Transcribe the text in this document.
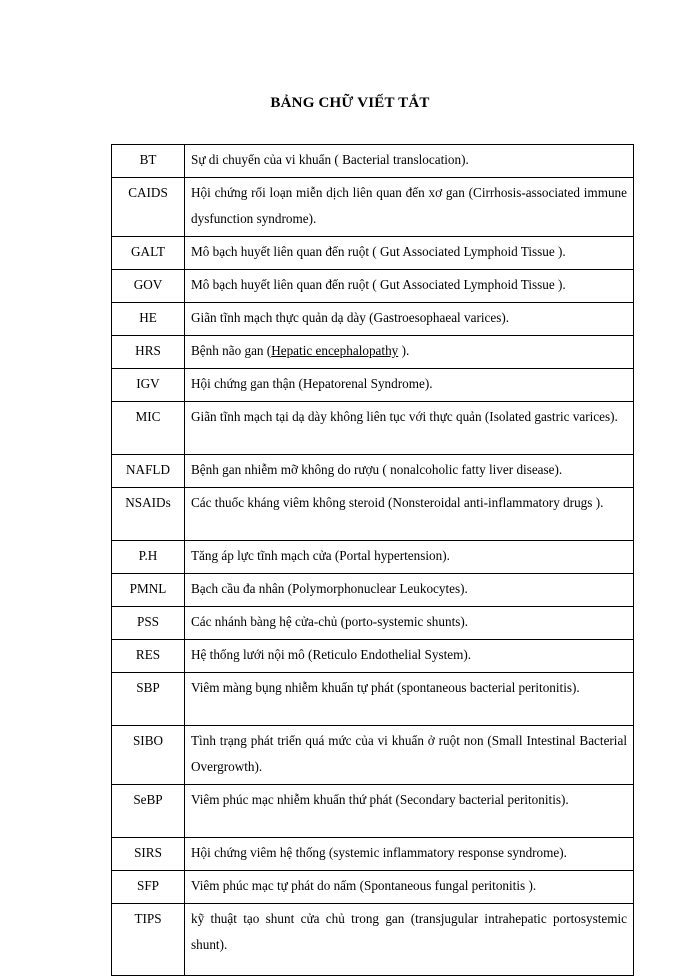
BẢNG CHỮ VIẾT TẮT
BT	Sự di chuyển của vi khuẩn ( Bacterial translocation).
CAIDS	Hội chứng rối loạn miễn dịch liên quan đến xơ gan (Cirrhosis-associated immune dysfunction syndrome).
GALT	Mô bạch huyết liên quan đến ruột ( Gut Associated Lymphoid Tissue ).
GOV	Mô bạch huyết liên quan đến ruột ( Gut Associated Lymphoid Tissue ).
HE	Giãn tĩnh mạch thực quản dạ dày (Gastroesophaeal varices).
HRS	Bệnh não gan (Hepatic encephalopathy ).
IGV	Hội chứng gan thận (Hepatorenal Syndrome).
MIC	Giãn tĩnh mạch tại dạ dày không liên tục với thực quản (Isolated gastric varices).
NAFLD	Bệnh gan nhiễm mỡ không do rượu ( nonalcoholic fatty liver disease).
NSAIDs	Các thuốc kháng viêm không steroid (Nonsteroidal anti-inflammatory drugs ).
P.H	Tăng áp lực tĩnh mạch cửa (Portal hypertension).
PMNL	Bạch cầu đa nhân (Polymorphonuclear Leukocytes).
PSS	Các nhánh bàng hệ cửa-chủ (porto-systemic shunts).
RES	Hệ thống lưới nội mô (Reticulo Endothelial System).
SBP	Viêm màng bụng nhiễm khuẩn tự phát (spontaneous bacterial peritonitis).
SIBO	Tình trạng phát triển quá mức của vi khuẩn ở ruột non (Small Intestinal Bacterial Overgrowth).
SeBP	Viêm phúc mạc nhiễm khuẩn thứ phát (Secondary bacterial peritonitis).
SIRS	Hội chứng viêm hệ thống (systemic inflammatory response syndrome).
SFP	Viêm phúc mạc tự phát do nấm (Spontaneous fungal peritonitis ).
TIPS	kỹ thuật tạo shunt cửa chủ trong gan (transjugular intrahepatic portosystemic shunt).
